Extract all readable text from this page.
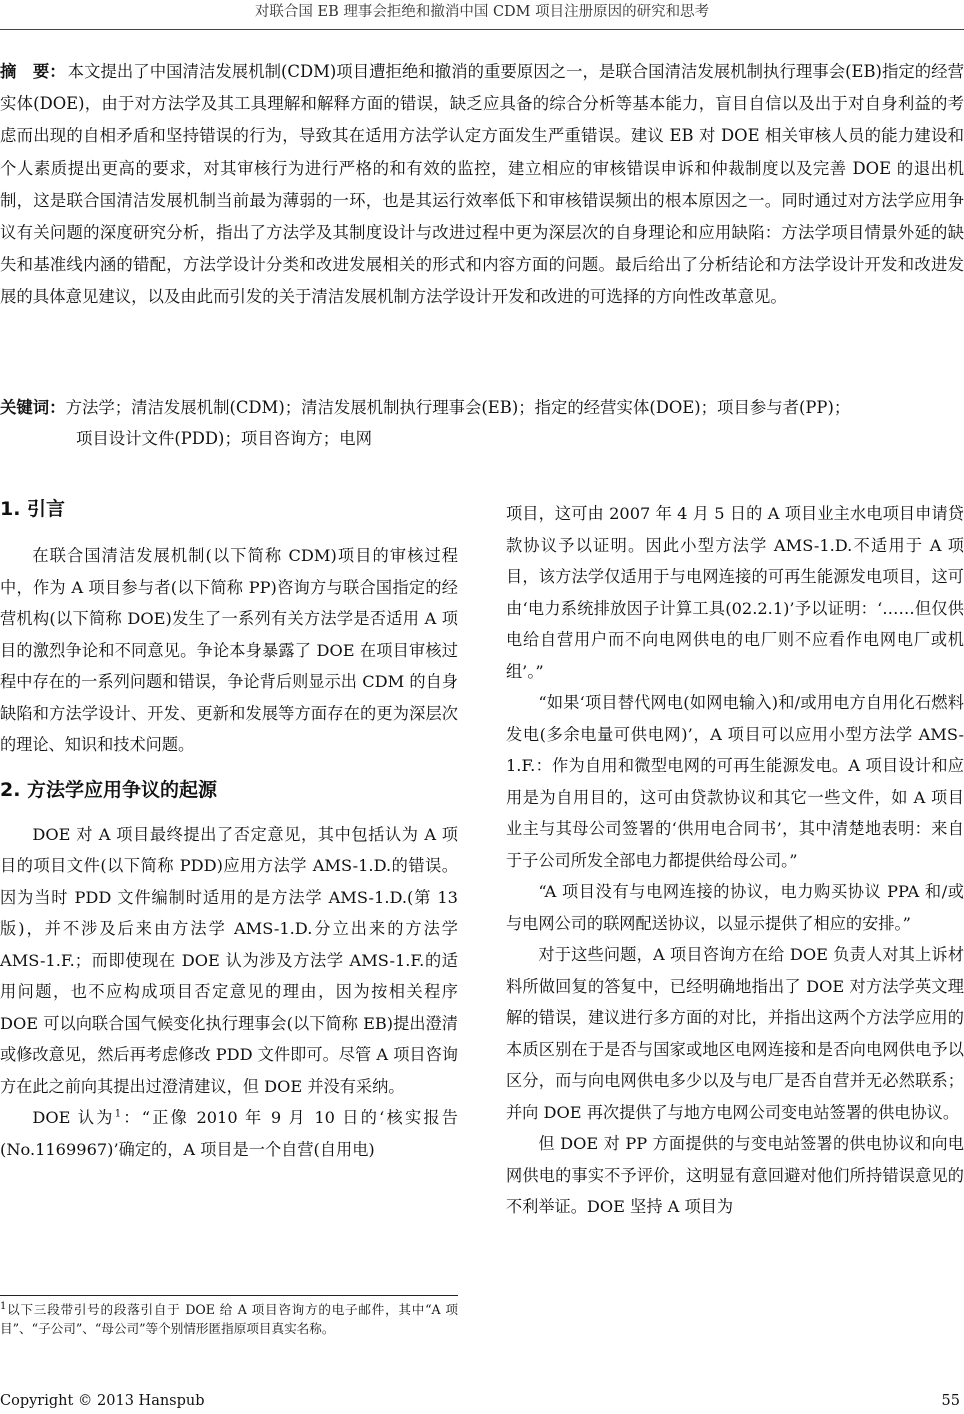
对联合国 EB 理事会拒绝和撤消中国 CDM 项目注册原因的研究和思考
摘　要： 本文提出了中国清洁发展机制(CDM)项目遭拒绝和撤消的重要原因之一，是联合国清洁发展机制执行理事会(EB)指定的经营实体(DOE)，由于对方法学及其工具理解和解释方面的错误，缺乏应具备的综合分析等基本能力，盲目自信以及出于对自身利益的考虑而出现的自相矛盾和坚持错误的行为，导致其在适用方法学认定方面发生严重错误。建议 EB 对 DOE 相关审核人员的能力建设和个人素质提出更高的要求，对其审核行为进行严格的和有效的监控，建立相应的审核错误申诉和仲裁制度以及完善 DOE 的退出机制，这是联合国清洁发展机制当前最为薄弱的一环，也是其运行效率低下和审核错误频出的根本原因之一。同时通过对方法学应用争议有关问题的深度研究分析，指出了方法学及其制度设计与改进过程中更为深层次的自身理论和应用缺陷：方法学项目情景外延的缺失和基准线内涵的错配，方法学设计分类和改进发展相关的形式和内容方面的问题。最后给出了分析结论和方法学设计开发和改进发展的具体意见建议，以及由此而引发的关于清洁发展机制方法学设计开发和改进的可选择的方向性改革意见。
关键词：方法学；清洁发展机制(CDM)；清洁发展机制执行理事会(EB)；指定的经营实体(DOE)；项目参与者(PP)；
项目设计文件(PDD)；项目咨询方；电网
1. 引言

在联合国清洁发展机制(以下简称 CDM)项目的审核过程中，作为 A 项目参与者(以下简称 PP)咨询方与联合国指定的经营机构(以下简称 DOE)发生了一系列有关方法学是否适用 A 项目的激烈争论和不同意见。争论本身暴露了 DOE 在项目审核过程中存在的一系列问题和错误，争论背后则显示出 CDM 的自身缺陷和方法学设计、开发、更新和发展等方面存在的更为深层次的理论、知识和技术问题。

2. 方法学应用争议的起源

DOE 对 A 项目最终提出了否定意见，其中包括认为 A 项目的项目文件(以下简称 PDD)应用方法学 AMS-1.D.的错误。因为当时 PDD 文件编制时适用的是方法学 AMS-1.D.(第 13 版)，并不涉及后来由方法学 AMS-1.D.分立出来的方法学 AMS-1.F.；而即使现在 DOE 认为涉及方法学 AMS-1.F.的适用问题，也不应构成项目否定意见的理由，因为按相关程序 DOE 可以向联合国气候变化执行理事会(以下简称 EB)提出澄清或修改意见，然后再考虑修改 PDD 文件即可。尽管 A 项目咨询方在此之前向其提出过澄清建议，但 DOE 并没有采纳。

DOE 认为$^1$：“正像 2010 年 9 月 10 日的‘核实报告(No.1169967)’确定的，A 项目是一个自营(自用电)

$^1$以下三段带引号的段落引自于 DOE 给 A 项目咨询方的电子邮件，其中“A 项目”、“子公司”、“母公司”等个别情形匿指原项目真实名称。

项目，这可由 2007 年 4 月 5 日的 A 项目业主水电项目申请贷款协议予以证明。因此小型方法学 AMS-1.D.不适用于 A 项目，该方法学仅适用于与电网连接的可再生能源发电项目，这可由‘电力系统排放因子计算工具(02.2.1)’予以证明：‘……但仅供电给自营用户而不向电网供电的电厂则不应看作电网电厂或机组’。”

“如果‘项目替代网电(如网电输入)和/或用电方自用化石燃料发电(多余电量可供电网)’，A 项目可以应用小型方法学 AMS-1.F.：作为自用和微型电网的可再生能源发电。A 项目设计和应用是为自用目的，这可由贷款协议和其它一些文件，如 A 项目业主与其母公司签署的‘供用电合同书’，其中清楚地表明：来自于子公司所发全部电力都提供给母公司。”

“A 项目没有与电网连接的协议，电力购买协议 PPA 和/或与电网公司的联网配送协议，以显示提供了相应的安排。”

对于这些问题，A 项目咨询方在给 DOE 负责人对其上诉材料所做回复的答复中，已经明确地指出了 DOE 对方法学英文理解的错误，建议进行多方面的对比，并指出这两个方法学应用的本质区别在于是否与国家或地区电网连接和是否向电网供电予以区分，而与向电网供电多少以及与电厂是否自营并无必然联系；并向 DOE 再次提供了与地方电网公司变电站签署的供电协议。

但 DOE 对 PP 方面提供的与变电站签署的供电协议和向电网供电的事实不予评价，这明显有意回避对他们所持错误意见的不利举证。DOE 坚持 A 项目为

Copyright © 2013 Hanspub	55
